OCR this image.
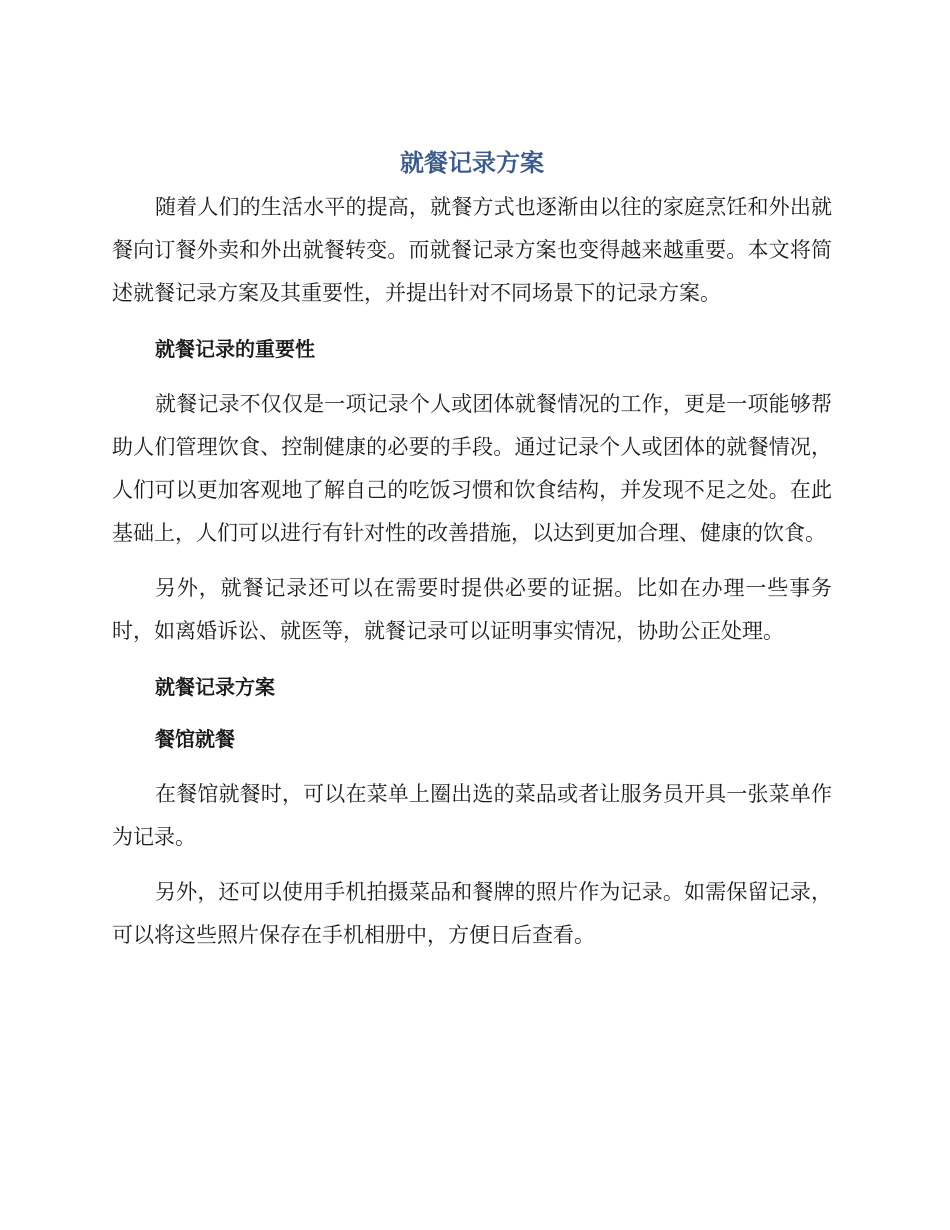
就餐记录方案

随着人们的生活水平的提高，就餐方式也逐渐由以往的家庭烹饪和外出就餐向订餐外卖和外出就餐转变。而就餐记录方案也变得越来越重要。本文将简述就餐记录方案及其重要性，并提出针对不同场景下的记录方案。

就餐记录的重要性

就餐记录不仅仅是一项记录个人或团体就餐情况的工作，更是一项能够帮助人们管理饮食、控制健康的必要的手段。通过记录个人或团体的就餐情况，人们可以更加客观地了解自己的吃饭习惯和饮食结构，并发现不足之处。在此基础上，人们可以进行有针对性的改善措施，以达到更加合理、健康的饮食。

另外，就餐记录还可以在需要时提供必要的证据。比如在办理一些事务时，如离婚诉讼、就医等，就餐记录可以证明事实情况，协助公正处理。

就餐记录方案
餐馆就餐

在餐馆就餐时，可以在菜单上圈出选的菜品或者让服务员开具一张菜单作为记录。

另外，还可以使用手机拍摄菜品和餐牌的照片作为记录。如需保留记录，可以将这些照片保存在手机相册中，方便日后查看。
